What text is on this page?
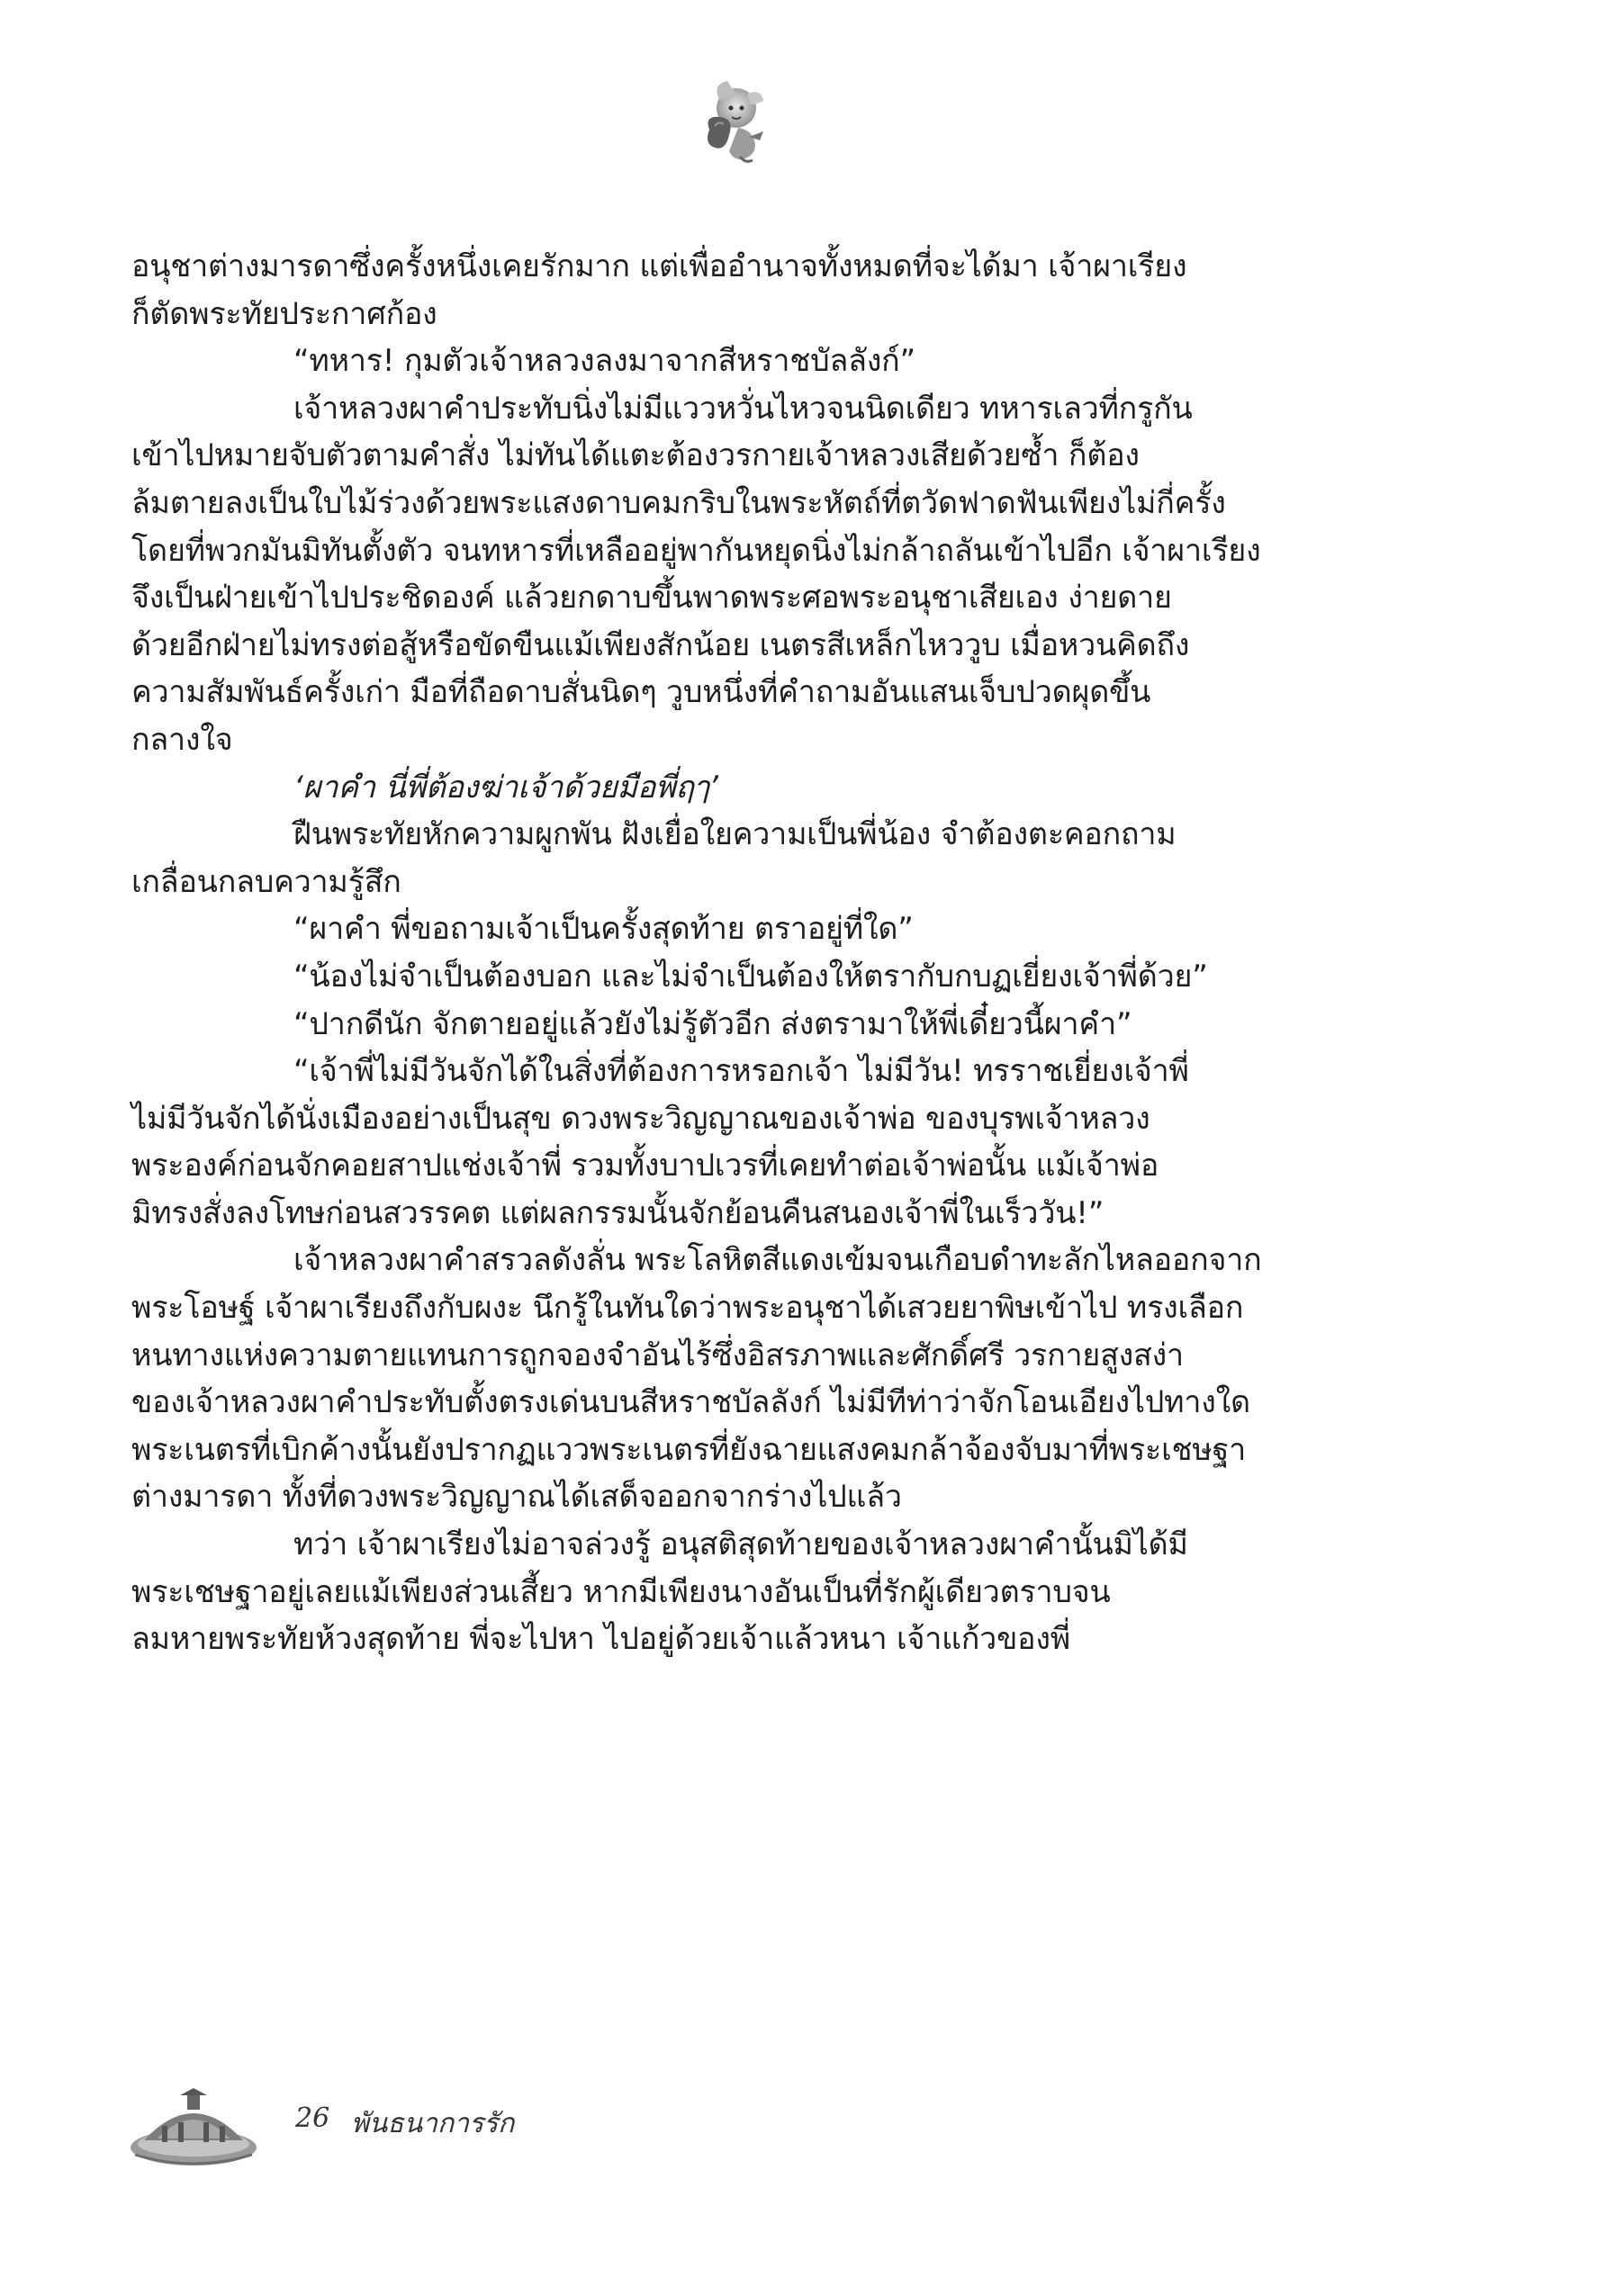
อนุชาต่างมารดาซึ่งครั้งหนึ่งเคยรักมาก แต่เพื่ออำนาจทั้งหมดที่จะได้มา เจ้าผาเรียง

ก็ตัดพระทัยประกาศก้อง

“ทหาร! กุมตัวเจ้าหลวงลงมาจากสีหราชบัลลังก์”

เจ้าหลวงผาคำประทับนิ่งไม่มีแววหวั่นไหวจนนิดเดียว ทหารเลวที่กรูกัน

เข้าไปหมายจับตัวตามคำสั่ง ไม่ทันได้แตะต้องวรกายเจ้าหลวงเสียด้วยซ้ำ ก็ต้อง

ล้มตายลงเป็นใบไม้ร่วงด้วยพระแสงดาบคมกริบในพระหัตถ์ที่ตวัดฟาดฟันเพียงไม่กี่ครั้ง

โดยที่พวกมันมิทันตั้งตัว จนทหารที่เหลืออยู่พากันหยุดนิ่งไม่กล้าถลันเข้าไปอีก เจ้าผาเรียง

จึงเป็นฝ่ายเข้าไปประชิดองค์ แล้วยกดาบขึ้นพาดพระศอพระอนุชาเสียเอง ง่ายดาย

ด้วยอีกฝ่ายไม่ทรงต่อสู้หรือขัดขืนแม้เพียงสักน้อย เนตรสีเหล็กไหววูบ เมื่อหวนคิดถึง

ความสัมพันธ์ครั้งเก่า มือที่ถือดาบสั่นนิดๆ วูบหนึ่งที่คำถามอันแสนเจ็บปวดผุดขึ้น

กลางใจ

‘ผาคำ นี่พี่ต้องฆ่าเจ้าด้วยมือพี่ฤๅ’

ฝืนพระทัยหักความผูกพัน ฝังเยื่อใยความเป็นพี่น้อง จำต้องตะคอกถาม

เกลื่อนกลบความรู้สึก

“ผาคำ พี่ขอถามเจ้าเป็นครั้งสุดท้าย ตราอยู่ที่ใด”

“น้องไม่จำเป็นต้องบอก และไม่จำเป็นต้องให้ตรากับกบฏเยี่ยงเจ้าพี่ด้วย”

“ปากดีนัก จักตายอยู่แล้วยังไม่รู้ตัวอีก ส่งตรามาให้พี่เดี๋ยวนี้ผาคำ”

“เจ้าพี่ไม่มีวันจักได้ในสิ่งที่ต้องการหรอกเจ้า ไม่มีวัน! ทรราชเยี่ยงเจ้าพี่

ไม่มีวันจักได้นั่งเมืองอย่างเป็นสุข ดวงพระวิญญาณของเจ้าพ่อ ของบุรพเจ้าหลวง

พระองค์ก่อนจักคอยสาปแช่งเจ้าพี่ รวมทั้งบาปเวรที่เคยทำต่อเจ้าพ่อนั้น แม้เจ้าพ่อ

มิทรงสั่งลงโทษก่อนสวรรคต แต่ผลกรรมนั้นจักย้อนคืนสนองเจ้าพี่ในเร็ววัน!”

เจ้าหลวงผาคำสรวลดังลั่น พระโลหิตสีแดงเข้มจนเกือบดำทะลักไหลออกจาก

พระโอษฐ์ เจ้าผาเรียงถึงกับผงะ นึกรู้ในทันใดว่าพระอนุชาได้เสวยยาพิษเข้าไป ทรงเลือก

หนทางแห่งความตายแทนการถูกจองจำอันไร้ซึ่งอิสรภาพและศักดิ์ศรี วรกายสูงสง่า

ของเจ้าหลวงผาคำประทับตั้งตรงเด่นบนสีหราชบัลลังก์ ไม่มีทีท่าว่าจักโอนเอียงไปทางใด

พระเนตรที่เบิกค้างนั้นยังปรากฏแววพระเนตรที่ยังฉายแสงคมกล้าจ้องจับมาที่พระเชษฐา

ต่างมารดา ทั้งที่ดวงพระวิญญาณได้เสด็จออกจากร่างไปแล้ว

ทว่า เจ้าผาเรียงไม่อาจล่วงรู้ อนุสติสุดท้ายของเจ้าหลวงผาคำนั้นมิได้มี

พระเชษฐาอยู่เลยแม้เพียงส่วนเสี้ยว หากมีเพียงนางอันเป็นที่รักผู้เดียวตราบจน

ลมหายพระทัยห้วงสุดท้าย พี่จะไปหา ไปอยู่ด้วยเจ้าแล้วหนา เจ้าแก้วของพี่

26 พันธนาการรัก
